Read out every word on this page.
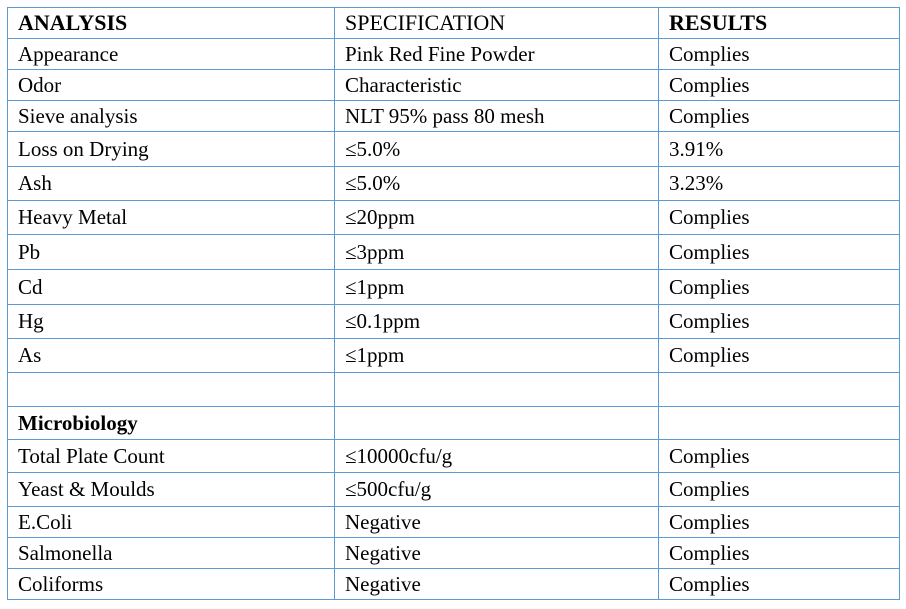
ANALYSIS	SPECIFICATION	RESULTS
Appearance	Pink Red Fine Powder	Complies
Odor	Characteristic	Complies
Sieve analysis	NLT 95% pass 80 mesh	Complies
Loss on Drying	≤5.0%	3.91%
Ash	≤5.0%	3.23%
Heavy Metal	≤20ppm	Complies
Pb	≤3ppm	Complies
Cd	≤1ppm	Complies
Hg	≤0.1ppm	Complies
As	≤1ppm	Complies

Microbiology		
Total Plate Count	≤10000cfu/g	Complies
Yeast & Moulds	≤500cfu/g	Complies
E.Coli	Negative	Complies
Salmonella	Negative	Complies
Coliforms	Negative	Complies
